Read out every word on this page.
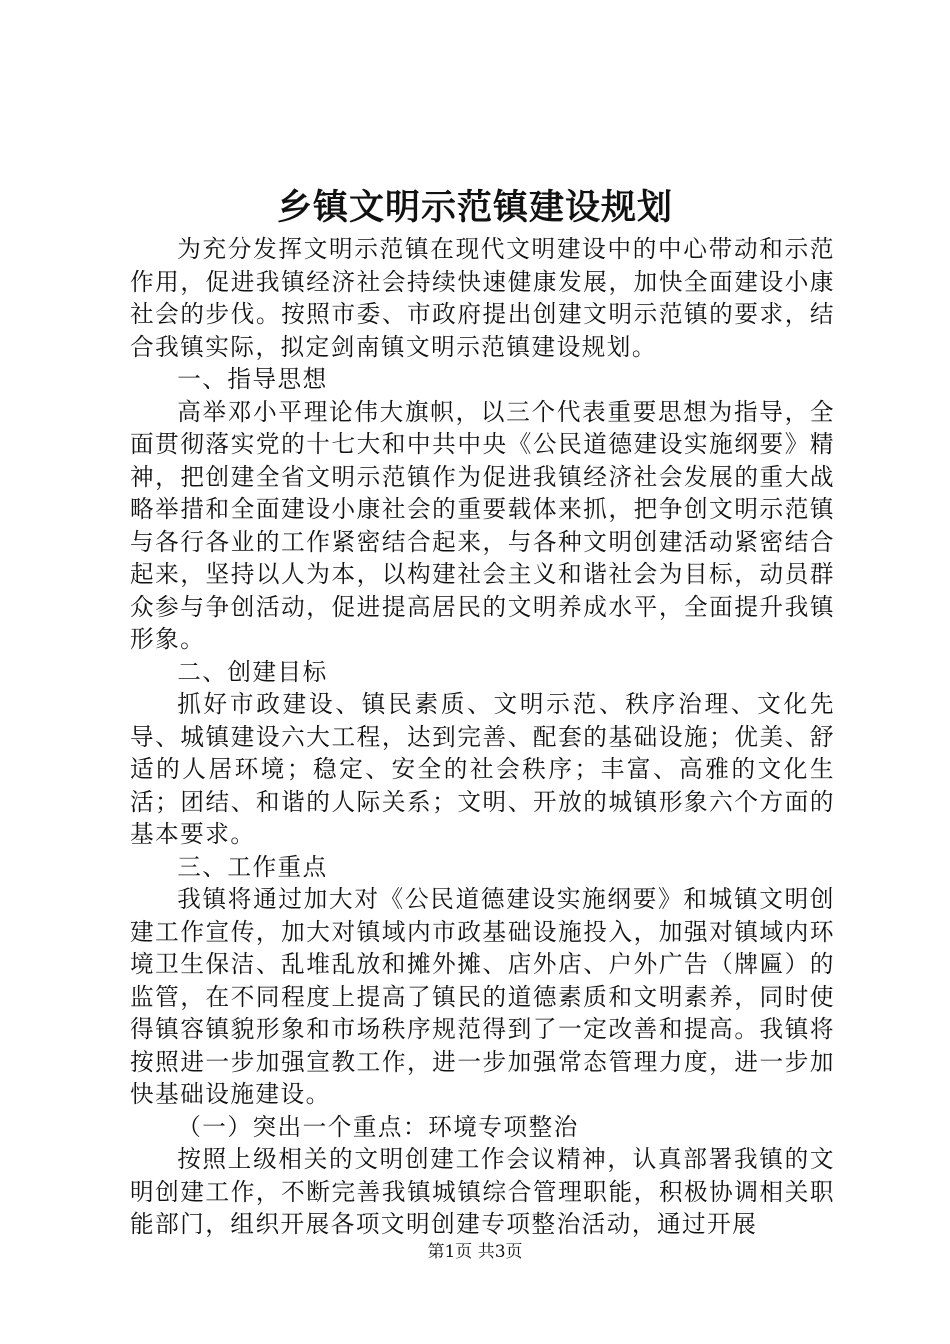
乡镇文明示范镇建设规划

为充分发挥文明示范镇在现代文明建设中的中心带动和示范作用，促进我镇经济社会持续快速健康发展，加快全面建设小康社会的步伐。按照市委、市政府提出创建文明示范镇的要求，结合我镇实际，拟定剑南镇文明示范镇建设规划。

一、指导思想

高举邓小平理论伟大旗帜，以三个代表重要思想为指导，全面贯彻落实党的十七大和中共中央《公民道德建设实施纲要》精神，把创建全省文明示范镇作为促进我镇经济社会发展的重大战略举措和全面建设小康社会的重要载体来抓，把争创文明示范镇与各行各业的工作紧密结合起来，与各种文明创建活动紧密结合起来，坚持以人为本，以构建社会主义和谐社会为目标，动员群众参与争创活动，促进提高居民的文明养成水平，全面提升我镇形象。

二、创建目标

抓好市政建设、镇民素质、文明示范、秩序治理、文化先导、城镇建设六大工程，达到完善、配套的基础设施；优美、舒适的人居环境；稳定、安全的社会秩序；丰富、高雅的文化生活；团结、和谐的人际关系；文明、开放的城镇形象六个方面的基本要求。

三、工作重点

我镇将通过加大对《公民道德建设实施纲要》和城镇文明创建工作宣传，加大对镇域内市政基础设施投入，加强对镇域内环境卫生保洁、乱堆乱放和摊外摊、店外店、户外广告（牌匾）的监管，在不同程度上提高了镇民的道德素质和文明素养，同时使得镇容镇貌形象和市场秩序规范得到了一定改善和提高。我镇将按照进一步加强宣教工作，进一步加强常态管理力度，进一步加快基础设施建设。

（一）突出一个重点：环境专项整治

按照上级相关的文明创建工作会议精神，认真部署我镇的文明创建工作，不断完善我镇城镇综合管理职能，积极协调相关职能部门，组织开展各项文明创建专项整治活动，通过开展

第1页 共3页
